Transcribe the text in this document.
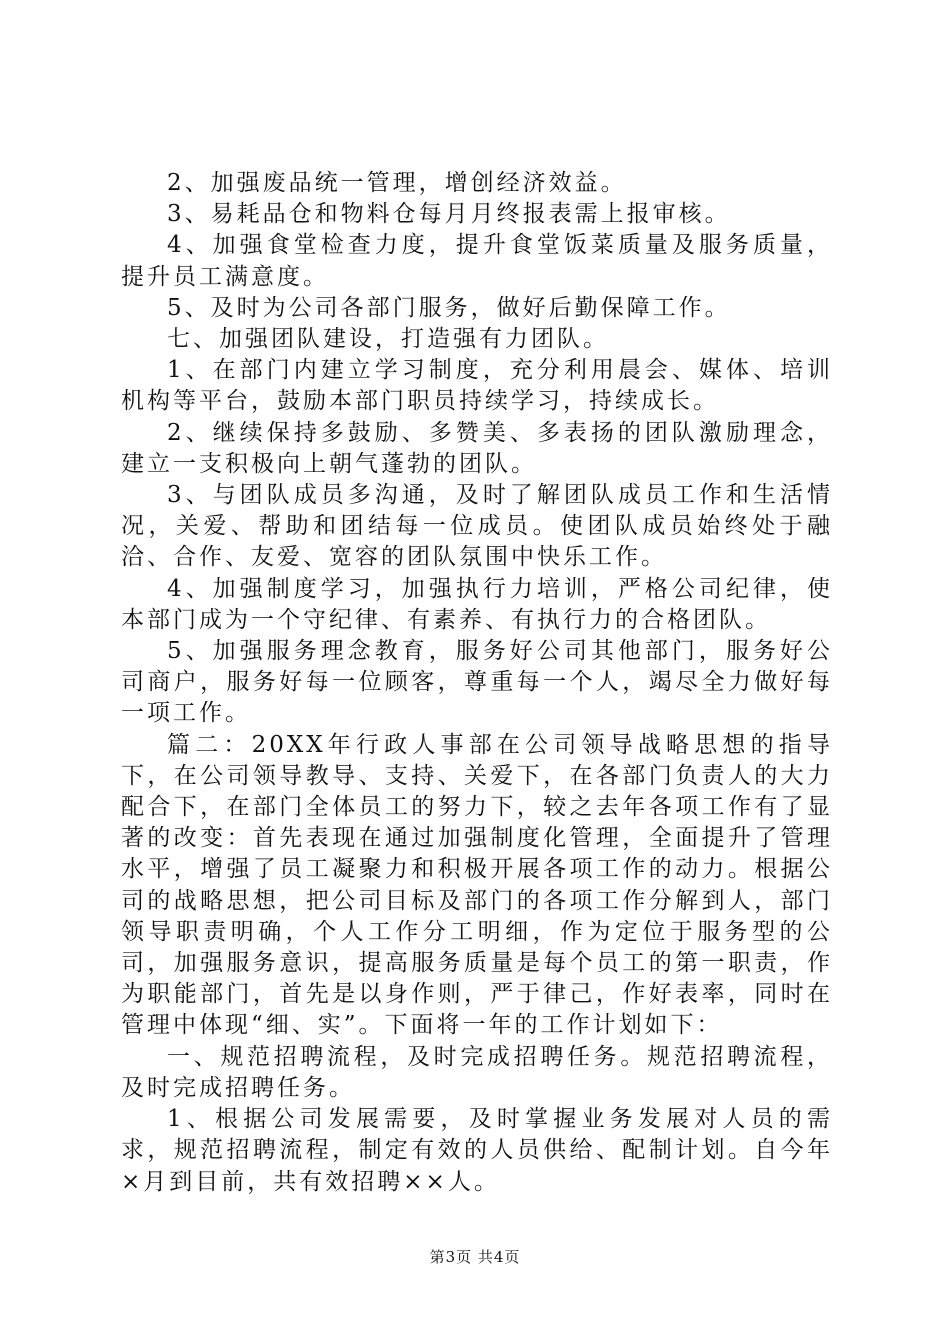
2、加强废品统一管理，增创经济效益。

3、易耗品仓和物料仓每月月终报表需上报审核。

4、加强食堂检查力度，提升食堂饭菜质量及服务质量，提升员工满意度。

5、及时为公司各部门服务，做好后勤保障工作。

七、加强团队建设，打造强有力团队。

1、在部门内建立学习制度，充分利用晨会、媒体、培训机构等平台，鼓励本部门职员持续学习，持续成长。

2、继续保持多鼓励、多赞美、多表扬的团队激励理念，建立一支积极向上朝气蓬勃的团队。

3、与团队成员多沟通，及时了解团队成员工作和生活情况，关爱、帮助和团结每一位成员。使团队成员始终处于融洽、合作、友爱、宽容的团队氛围中快乐工作。

4、加强制度学习，加强执行力培训，严格公司纪律，使本部门成为一个守纪律、有素养、有执行力的合格团队。

5、加强服务理念教育，服务好公司其他部门，服务好公司商户，服务好每一位顾客，尊重每一个人，竭尽全力做好每一项工作。

篇二：20XX年行政人事部在公司领导战略思想的指导下，在公司领导教导、支持、关爱下，在各部门负责人的大力配合下，在部门全体员工的努力下，较之去年各项工作有了显著的改变：首先表现在通过加强制度化管理，全面提升了管理水平，增强了员工凝聚力和积极开展各项工作的动力。根据公司的战略思想，把公司目标及部门的各项工作分解到人，部门领导职责明确，个人工作分工明细，作为定位于服务型的公司，加强服务意识，提高服务质量是每个员工的第一职责，作为职能部门，首先是以身作则，严于律己，作好表率，同时在管理中体现“细、实”。下面将一年的工作计划如下：

一、规范招聘流程，及时完成招聘任务。规范招聘流程，及时完成招聘任务。

1、根据公司发展需要，及时掌握业务发展对人员的需求，规范招聘流程，制定有效的人员供给、配制计划。自今年×月到目前，共有效招聘××人。

第3页 共4页
